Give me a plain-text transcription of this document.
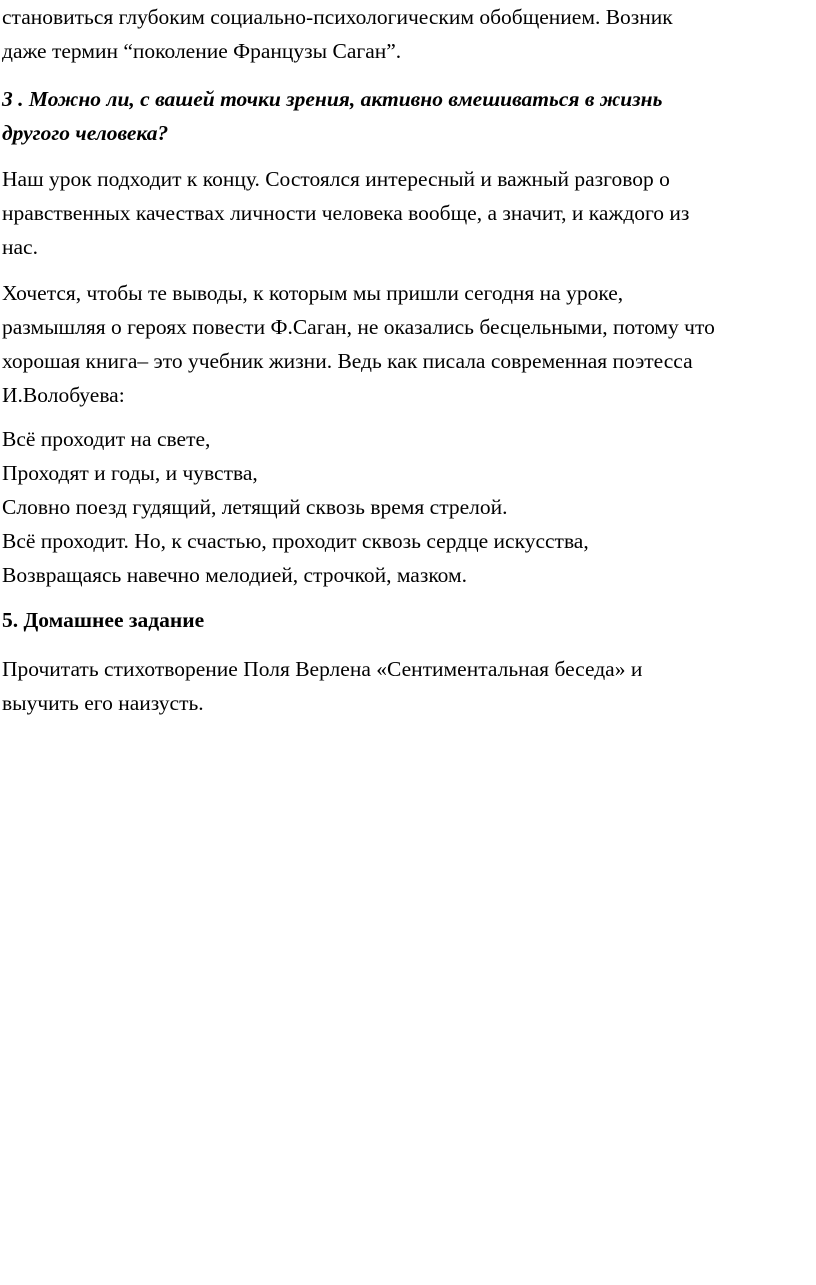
становиться глубоким социально-психологическим обобщением. Возник
даже термин “поколение Французы Саган”.

3 . Можно ли, с вашей точки зрения, активно вмешиваться в жизнь
другого человека?

Наш урок подходит к концу. Состоялся интересный и важный разговор о
нравственных качествах личности человека вообще, а значит, и каждого из
нас.

Хочется, чтобы те выводы, к которым мы пришли сегодня на уроке,
размышляя о героях повести Ф.Саган, не оказались бесцельными, потому что
хорошая книга– это учебник жизни. Ведь как писала современная поэтесса
И.Волобуева:

Всё проходит на свете,
Проходят и годы, и чувства,
Словно поезд гудящий, летящий сквозь время стрелой.
Всё проходит. Но, к счастью, проходит сквозь сердце искусства,
Возвращаясь навечно мелодией, строчкой, мазком.

5. Домашнее задание

Прочитать стихотворение Поля Верлена «Сентиментальная беседа» и
выучить его наизусть.
